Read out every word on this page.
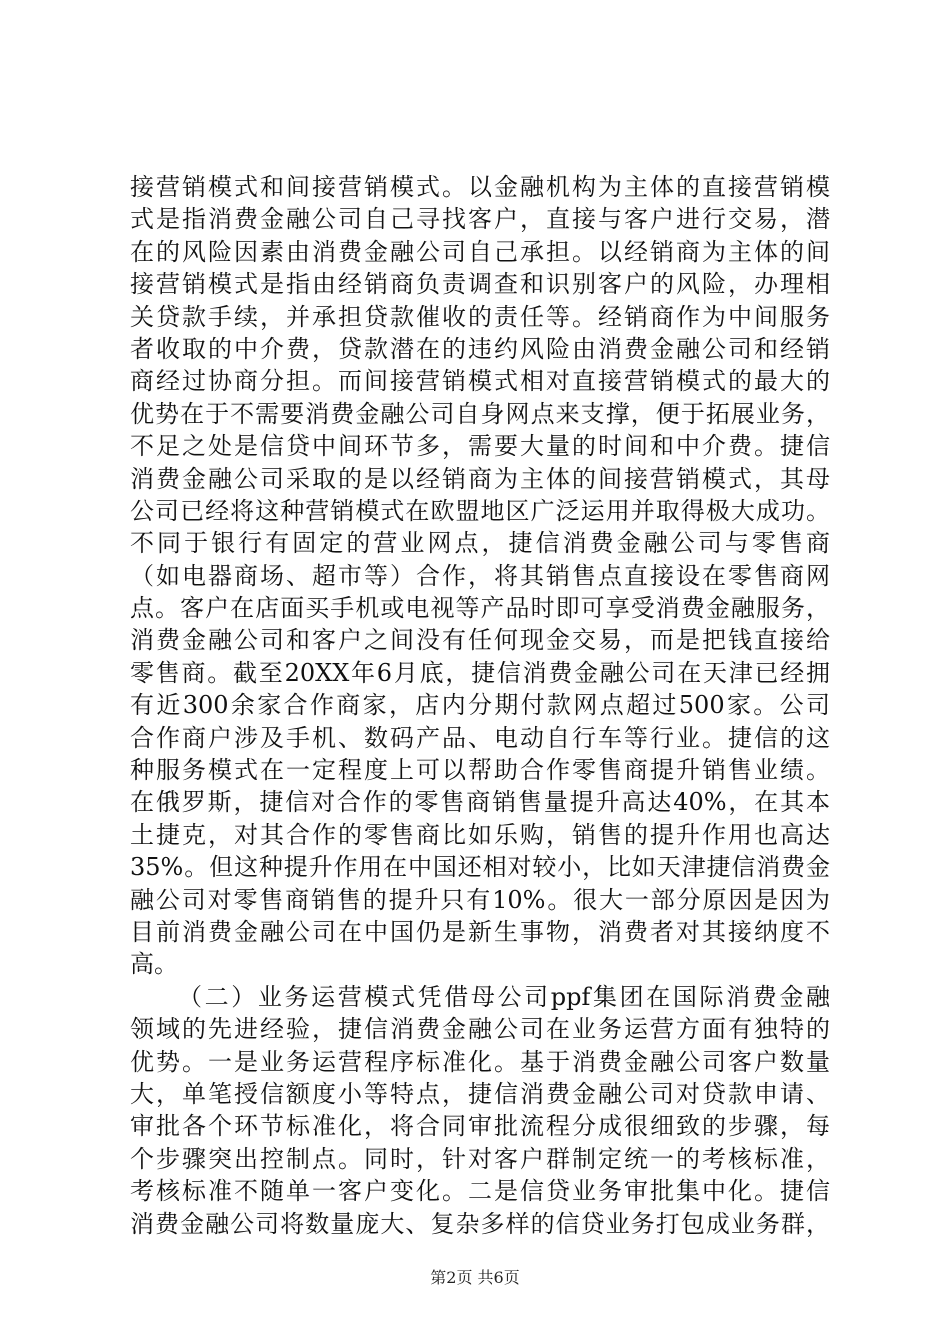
接营销模式和间接营销模式。以金融机构为主体的直接营销模
式是指消费金融公司自己寻找客户，直接与客户进行交易，潜
在的风险因素由消费金融公司自己承担。以经销商为主体的间
接营销模式是指由经销商负责调查和识别客户的风险，办理相
关贷款手续，并承担贷款催收的责任等。经销商作为中间服务
者收取的中介费，贷款潜在的违约风险由消费金融公司和经销
商经过协商分担。而间接营销模式相对直接营销模式的最大的
优势在于不需要消费金融公司自身网点来支撑，便于拓展业务，
不足之处是信贷中间环节多，需要大量的时间和中介费。捷信
消费金融公司采取的是以经销商为主体的间接营销模式，其母
公司已经将这种营销模式在欧盟地区广泛运用并取得极大成功。
不同于银行有固定的营业网点，捷信消费金融公司与零售商
（如电器商场、超市等）合作，将其销售点直接设在零售商网
点。客户在店面买手机或电视等产品时即可享受消费金融服务，
消费金融公司和客户之间没有任何现金交易，而是把钱直接给
零售商。截至20XX年6月底，捷信消费金融公司在天津已经拥
有近300余家合作商家，店内分期付款网点超过500家。公司
合作商户涉及手机、数码产品、电动自行车等行业。捷信的这
种服务模式在一定程度上可以帮助合作零售商提升销售业绩。
在俄罗斯，捷信对合作的零售商销售量提升高达40%，在其本
土捷克，对其合作的零售商比如乐购，销售的提升作用也高达
35%。但这种提升作用在中国还相对较小，比如天津捷信消费金
融公司对零售商销售的提升只有10%。很大一部分原因是因为
目前消费金融公司在中国仍是新生事物，消费者对其接纳度不
高。
（二）业务运营模式凭借母公司ppf集团在国际消费金融
领域的先进经验，捷信消费金融公司在业务运营方面有独特的
优势。一是业务运营程序标准化。基于消费金融公司客户数量
大，单笔授信额度小等特点，捷信消费金融公司对贷款申请、
审批各个环节标准化，将合同审批流程分成很细致的步骤，每
个步骤突出控制点。同时，针对客户群制定统一的考核标准，
考核标准不随单一客户变化。二是信贷业务审批集中化。捷信
消费金融公司将数量庞大、复杂多样的信贷业务打包成业务群，
第2页 共6页
